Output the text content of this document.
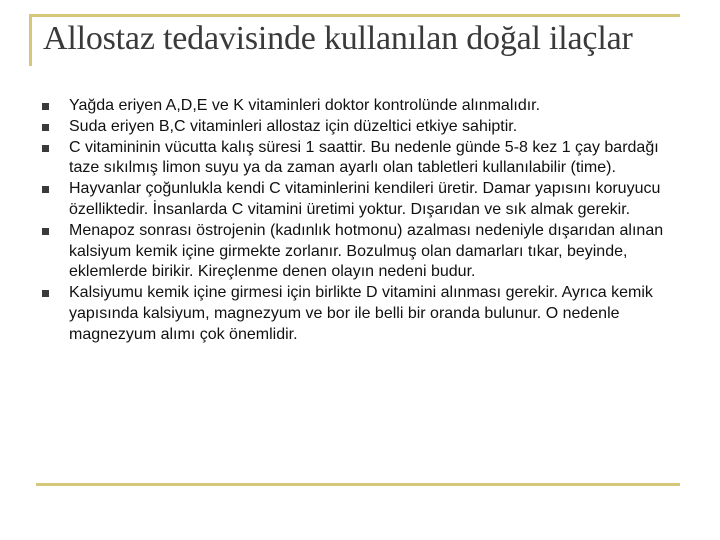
Allostaz tedavisinde kullanılan doğal ilaçlar
Yağda eriyen A,D,E ve K vitaminleri doktor kontrolünde alınmalıdır.
Suda eriyen B,C vitaminleri allostaz için düzeltici etkiye sahiptir.
C vitamininin vücutta kalış süresi 1 saattir. Bu nedenle günde 5-8 kez 1 çay bardağı taze sıkılmış limon suyu ya da zaman ayarlı olan tabletleri kullanılabilir (time).
Hayvanlar çoğunlukla kendi C vitaminlerini kendileri üretir. Damar yapısını koruyucu özelliktedir. İnsanlarda C vitamini üretimi yoktur. Dışarıdan ve sık almak gerekir.
Menapoz sonrası östrojenin (kadınlık hotmonu) azalması nedeniyle dışarıdan alınan kalsiyum kemik içine girmekte zorlanır. Bozulmuş olan damarları tıkar, beyinde, eklemlerde birikir. Kireçlenme denen olayın nedeni budur.
Kalsiyumu kemik içine girmesi için birlikte D vitamini alınması gerekir. Ayrıca kemik yapısında kalsiyum, magnezyum ve bor ile belli bir oranda bulunur. O nedenle magnezyum alımı çok önemlidir.
